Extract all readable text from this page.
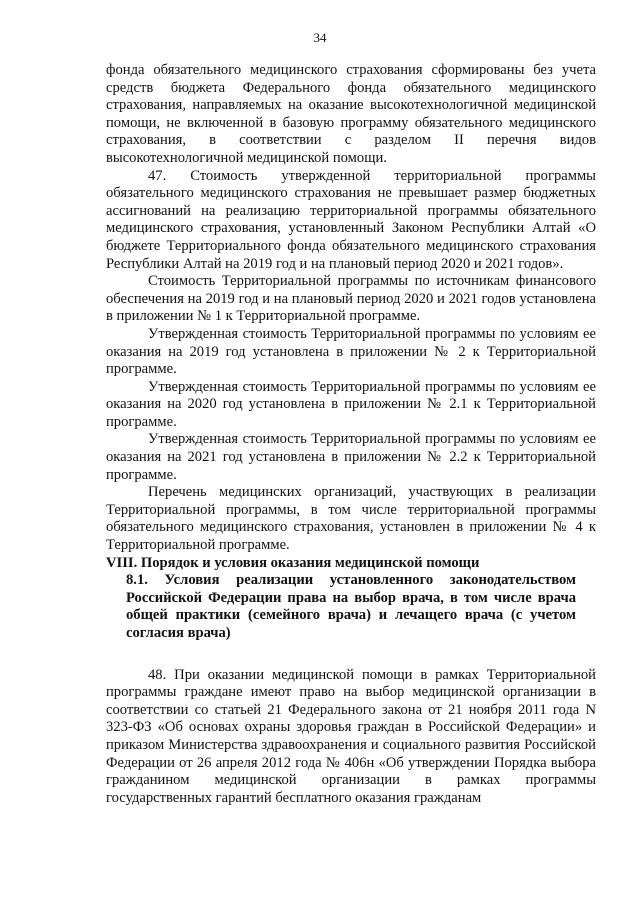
34

фонда обязательного медицинского страхования сформированы без учета средств бюджета Федерального фонда обязательного медицинского страхования, направляемых на оказание высокотехнологичной медицинской помощи, не включенной в базовую программу обязательного медицинского страхования, в соответствии с разделом II перечня видов высокотехнологичной медицинской помощи.

47. Стоимость утвержденной территориальной программы обязательного медицинского страхования не превышает размер бюджетных ассигнований на реализацию территориальной программы обязательного медицинского страхования, установленный Законом Республики Алтай «О бюджете Территориального фонда обязательного медицинского страхования Республики Алтай на 2019 год и на плановый период 2020 и 2021 годов».

Стоимость Территориальной программы по источникам финансового обеспечения на 2019 год и на плановый период 2020 и 2021 годов установлена в приложении № 1 к Территориальной программе.

Утвержденная стоимость Территориальной программы по условиям ее оказания на 2019 год установлена в приложении № 2 к Территориальной программе.

Утвержденная стоимость Территориальной программы по условиям ее оказания на 2020 год установлена в приложении № 2.1 к Территориальной программе.

Утвержденная стоимость Территориальной программы по условиям ее оказания на 2021 год установлена в приложении № 2.2 к Территориальной программе.

Перечень медицинских организаций, участвующих в реализации Территориальной программы, в том числе территориальной программы обязательного медицинского страхования, установлен в приложении № 4 к Территориальной программе.

VIII. Порядок и условия оказания медицинской помощи

8.1. Условия реализации установленного законодательством Российской Федерации права на выбор врача, в том числе врача общей практики (семейного врача) и лечащего врача (с учетом согласия врача)

48. При оказании медицинской помощи в рамках Территориальной программы граждане имеют право на выбор медицинской организации в соответствии со статьей 21 Федерального закона от 21 ноября 2011 года N 323-ФЗ «Об основах охраны здоровья граждан в Российской Федерации» и приказом Министерства здравоохранения и социального развития Российской Федерации от 26 апреля 2012 года № 406н «Об утверждении Порядка выбора гражданином медицинской организации в рамках программы государственных гарантий бесплатного оказания гражданам
